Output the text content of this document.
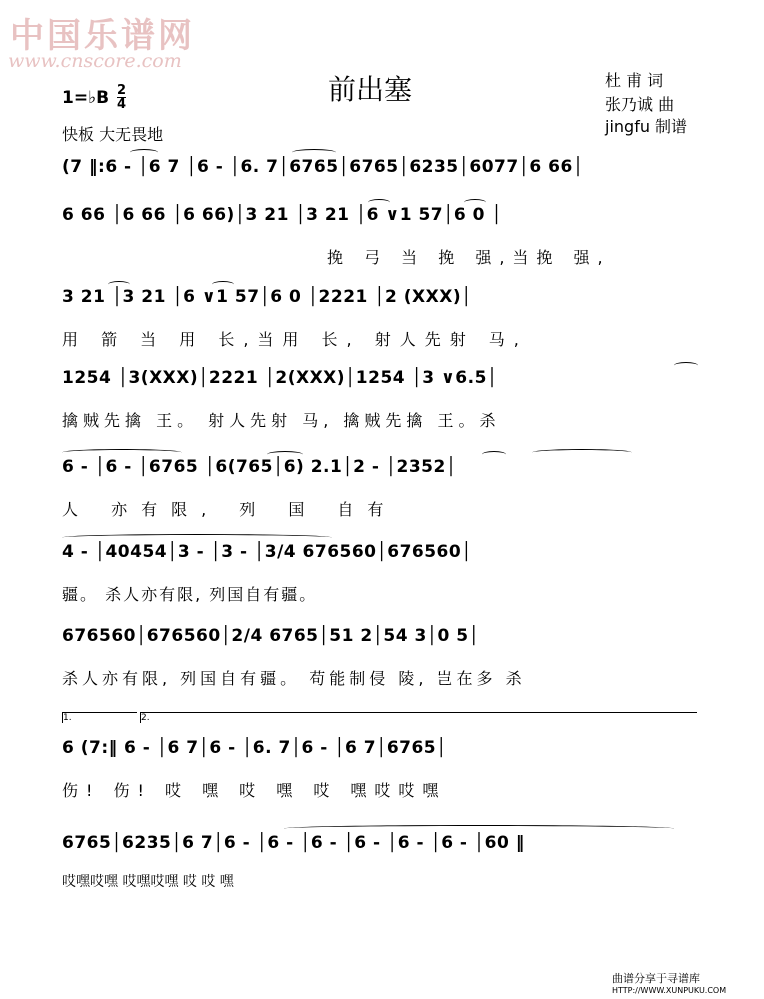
中国乐谱网
www.cnscore.com
前出塞	杜 甫 词
张乃诚 曲
jingfu 制谱
1=♭B 2
4
快板 大无畏地
(7 ‖:6 - │6 7 │6 - │6. 7│6765│6765│6235│6077│6 66│
6 66 │6 66 │6 66)│3 21 │3 21 │6 ∨1 57│6 0 │
挽 弓 当 挽 强,当挽 强,
3 21 │3 21 │6 ∨1 57│6 0 │2221 │2 (XXX)│
用 箭 当 用 长,当用 长, 射人先射 马,
1254 │3(XXX)│2221 │2(XXX)│1254 │3 ∨6.5│
擒贼先擒 王。 射人先射 马, 擒贼先擒 王。杀
6 - │6 - │6765 │6(765│6) 2.1│2 - │2352│
人 亦有限, 列 国 自有
4 - │40454│3 - │3 - │3/4 676560│676560│
疆。 杀人亦有限, 列国自有疆。
676560│676560│2/4 6765│51 2│54 3│0 5│
杀人亦有限, 列国自有疆。 苟能制侵 陵, 岂在多 杀
1.	2.
6 (7:‖ 6 - │6 7│6 - │6. 7│6 - │6 7│6765│
伤! 伤! 哎 嘿 哎 嘿 哎 嘿哎哎嘿
6765│6235│6 7│6 - │6 - │6 - │6 - │6 - │6 - │60 ‖
哎嘿哎嘿 哎嘿哎嘿 哎 哎 嘿
曲谱分享于寻谱库
HTTP://WWW.XUNPUKU.COM
